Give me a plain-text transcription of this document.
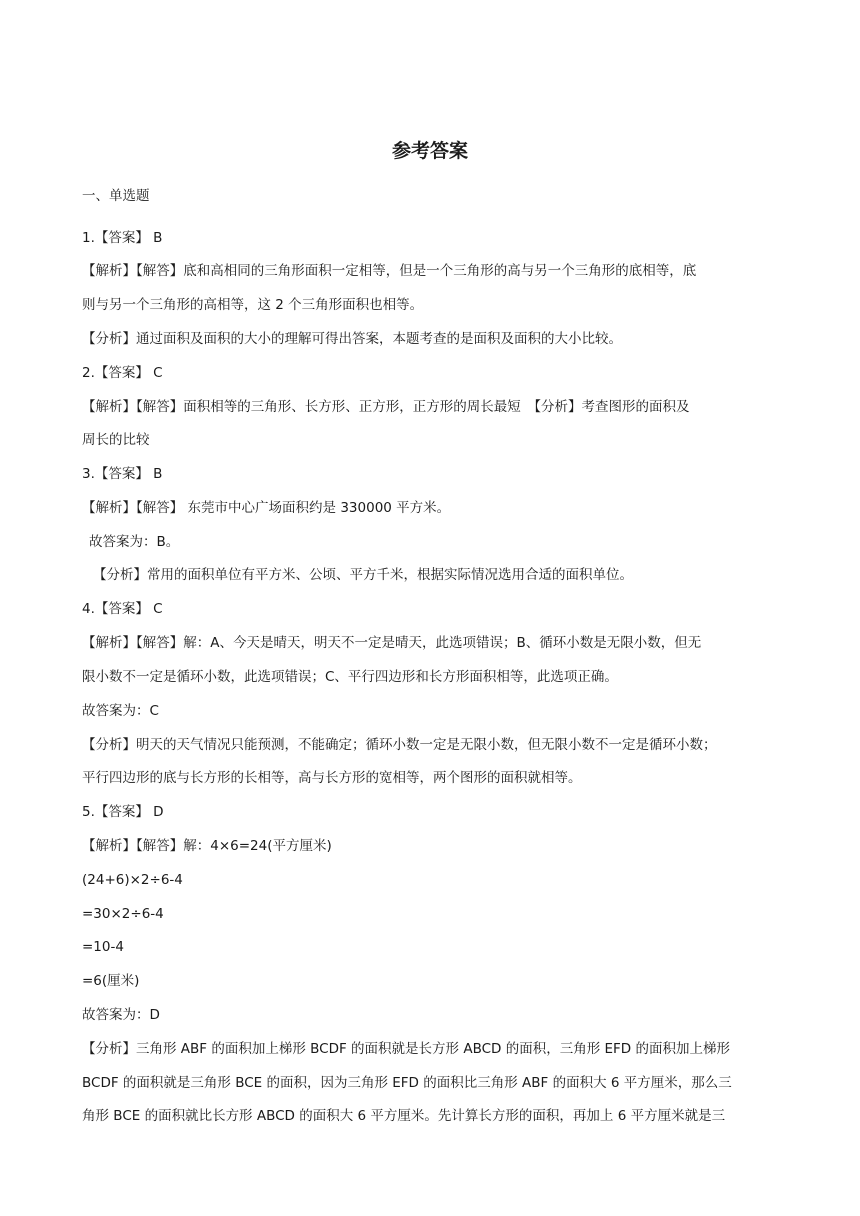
参考答案
一、单选题
1.【答案】 B
【解析】【解答】底和高相同的三角形面积一定相等，但是一个三角形的高与另一个三角形的底相等，底
则与另一个三角形的高相等，这 2 个三角形面积也相等。
【分析】通过面积及面积的大小的理解可得出答案，本题考查的是面积及面积的大小比较。
2.【答案】 C
【解析】【解答】面积相等的三角形、长方形、正方形，正方形的周长最短　【分析】考查图形的面积及
周长的比较
3.【答案】 B
【解析】【解答】 东莞市中心广场面积约是 330000 平方米。
故答案为：B。
【分析】常用的面积单位有平方米、公顷、平方千米，根据实际情况选用合适的面积单位。
4.【答案】 C
【解析】【解答】解：A、今天是晴天，明天不一定是晴天，此选项错误；B、循环小数是无限小数，但无
限小数不一定是循环小数，此选项错误；C、平行四边形和长方形面积相等，此选项正确。
故答案为：C
【分析】明天的天气情况只能预测，不能确定；循环小数一定是无限小数，但无限小数不一定是循环小数；
平行四边形的底与长方形的长相等，高与长方形的宽相等，两个图形的面积就相等。
5.【答案】 D
【解析】【解答】解：4×6=24(平方厘米)
(24+6)×2÷6-4
=30×2÷6-4
=10-4
=6(厘米)
故答案为：D
【分析】三角形 ABF 的面积加上梯形 BCDF 的面积就是长方形 ABCD 的面积，三角形 EFD 的面积加上梯形
BCDF 的面积就是三角形 BCE 的面积，因为三角形 EFD 的面积比三角形 ABF 的面积大 6 平方厘米，那么三
角形 BCE 的面积就比长方形 ABCD 的面积大 6 平方厘米。先计算长方形的面积，再加上 6 平方厘米就是三
